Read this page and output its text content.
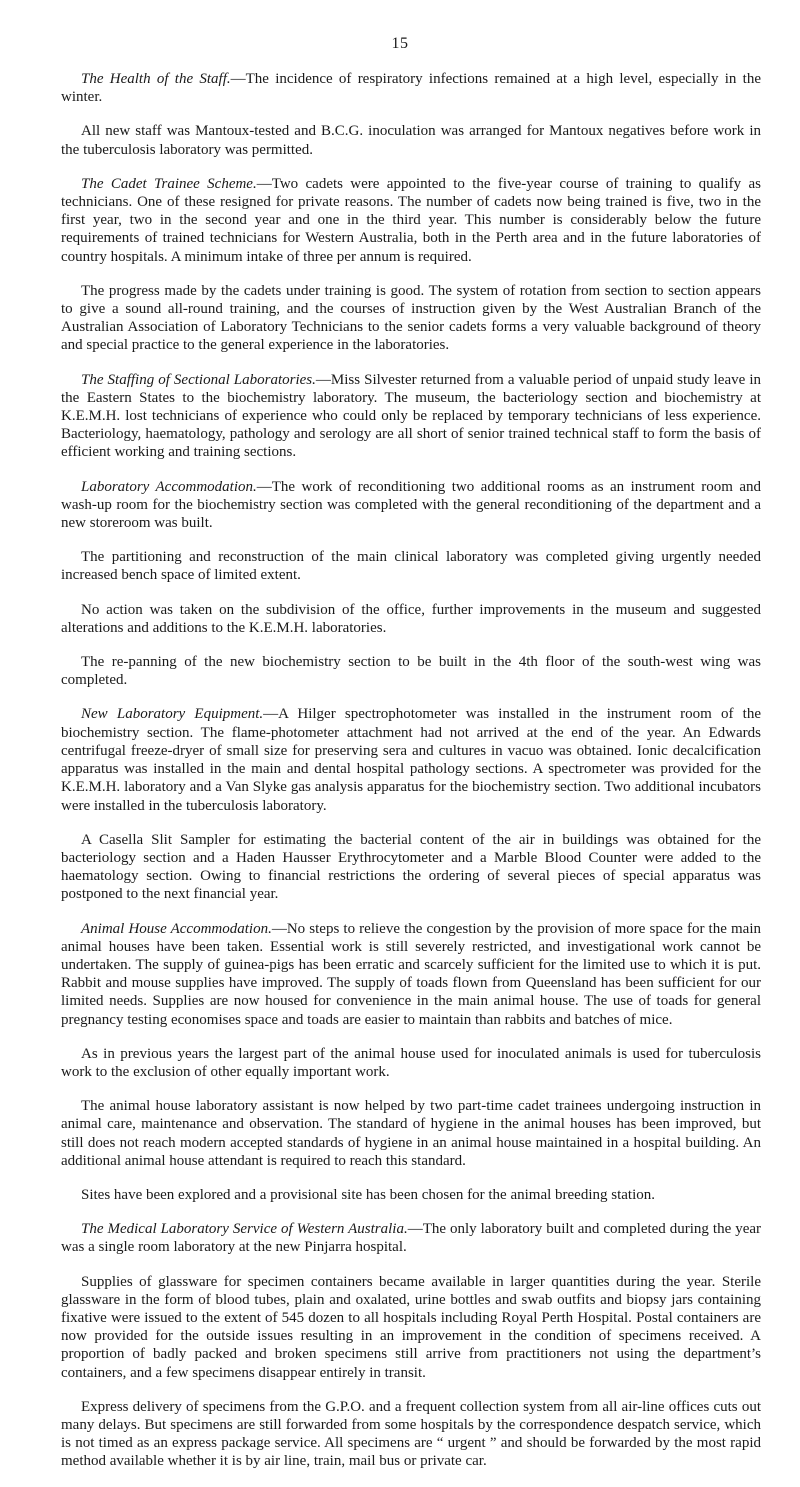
15

The Health of the Staff.—The incidence of respiratory infections remained at a high level, especially in the winter.

All new staff was Mantoux-tested and B.C.G. inoculation was arranged for Mantoux negatives before work in the tuberculosis laboratory was permitted.

The Cadet Trainee Scheme.—Two cadets were appointed to the five-year course of training to qualify as technicians. One of these resigned for private reasons. The number of cadets now being trained is five, two in the first year, two in the second year and one in the third year. This number is considerably below the future requirements of trained technicians for Western Australia, both in the Perth area and in the future laboratories of country hospitals. A minimum intake of three per annum is required.

The progress made by the cadets under training is good. The system of rotation from section to section appears to give a sound all-round training, and the courses of instruction given by the West Australian Branch of the Australian Association of Laboratory Technicians to the senior cadets forms a very valuable background of theory and special practice to the general experience in the laboratories.

The Staffing of Sectional Laboratories.—Miss Silvester returned from a valuable period of unpaid study leave in the Eastern States to the biochemistry laboratory. The museum, the bacteriology section and biochemistry at K.E.M.H. lost technicians of experience who could only be replaced by temporary technicians of less experience. Bacteriology, haematology, pathology and serology are all short of senior trained technical staff to form the basis of efficient working and training sections.

Laboratory Accommodation.—The work of reconditioning two additional rooms as an instrument room and wash-up room for the biochemistry section was completed with the general reconditioning of the department and a new storeroom was built.

The partitioning and reconstruction of the main clinical laboratory was completed giving urgently needed increased bench space of limited extent.

No action was taken on the subdivision of the office, further improvements in the museum and suggested alterations and additions to the K.E.M.H. laboratories.

The re-panning of the new biochemistry section to be built in the 4th floor of the south-west wing was completed.

New Laboratory Equipment.—A Hilger spectrophotometer was installed in the instrument room of the biochemistry section. The flame-photometer attachment had not arrived at the end of the year. An Edwards centrifugal freeze-dryer of small size for preserving sera and cultures in vacuo was obtained. Ionic decalcification apparatus was installed in the main and dental hospital pathology sections. A spectrometer was provided for the K.E.M.H. laboratory and a Van Slyke gas analysis apparatus for the biochemistry section. Two additional incubators were installed in the tuberculosis laboratory.

A Casella Slit Sampler for estimating the bacterial content of the air in buildings was obtained for the bacteriology section and a Haden Hausser Erythrocytometer and a Marble Blood Counter were added to the haematology section. Owing to financial restrictions the ordering of several pieces of special apparatus was postponed to the next financial year.

Animal House Accommodation.—No steps to relieve the congestion by the provision of more space for the main animal houses have been taken. Essential work is still severely restricted, and investigational work cannot be undertaken. The supply of guinea-pigs has been erratic and scarcely sufficient for the limited use to which it is put. Rabbit and mouse supplies have improved. The supply of toads flown from Queensland has been sufficient for our limited needs. Supplies are now housed for convenience in the main animal house. The use of toads for general pregnancy testing economises space and toads are easier to maintain than rabbits and batches of mice.

As in previous years the largest part of the animal house used for inoculated animals is used for tuberculosis work to the exclusion of other equally important work.

The animal house laboratory assistant is now helped by two part-time cadet trainees undergoing instruction in animal care, maintenance and observation. The standard of hygiene in the animal houses has been improved, but still does not reach modern accepted standards of hygiene in an animal house maintained in a hospital building. An additional animal house attendant is required to reach this standard.

Sites have been explored and a provisional site has been chosen for the animal breeding station.

The Medical Laboratory Service of Western Australia.—The only laboratory built and completed during the year was a single room laboratory at the new Pinjarra hospital.

Supplies of glassware for specimen containers became available in larger quantities during the year. Sterile glassware in the form of blood tubes, plain and oxalated, urine bottles and swab outfits and biopsy jars containing fixative were issued to the extent of 545 dozen to all hospitals including Royal Perth Hospital. Postal containers are now provided for the outside issues resulting in an improvement in the condition of specimens received. A proportion of badly packed and broken specimens still arrive from practitioners not using the department’s containers, and a few specimens disappear entirely in transit.

Express delivery of specimens from the G.P.O. and a frequent collection system from all air-line offices cuts out many delays. But specimens are still forwarded from some hospitals by the correspondence despatch service, which is not timed as an express package service. All specimens are “ urgent ” and should be forwarded by the most rapid method available whether it is by air line, train, mail bus or private car.
